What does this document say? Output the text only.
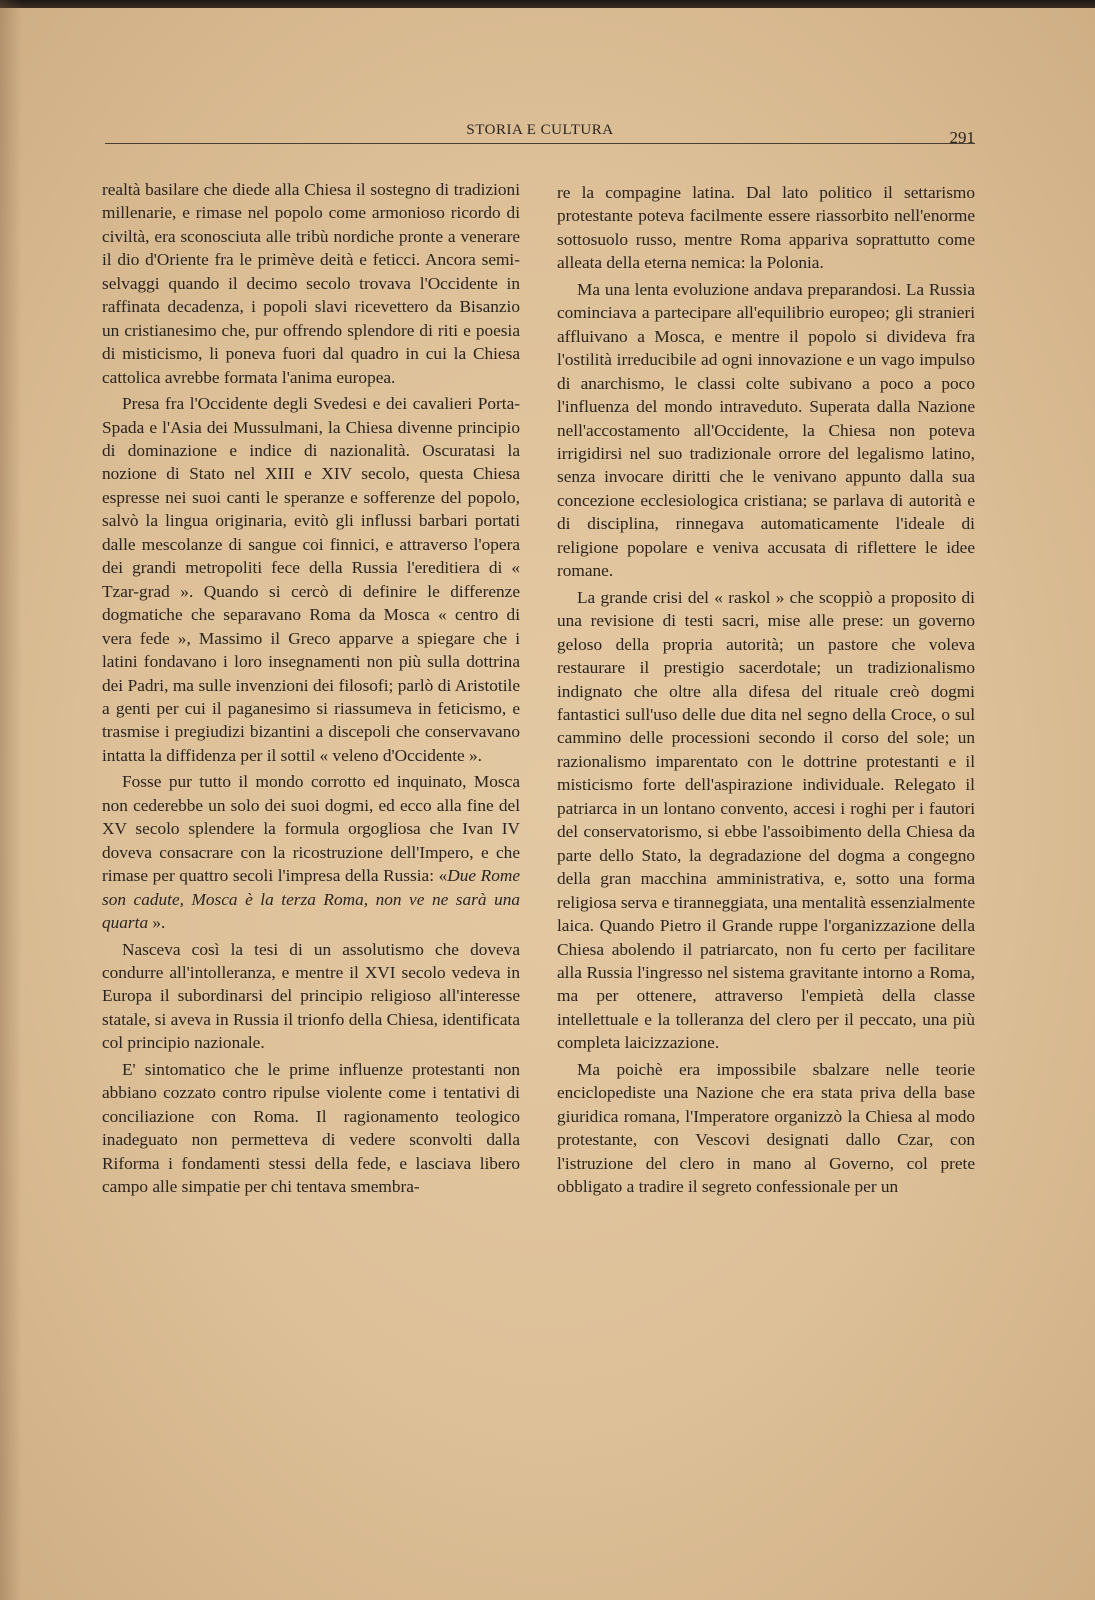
STORIA E CULTURA	291

realtà basilare che diede alla Chiesa il sostegno di tradizioni millenarie, e rimase nel popolo come armonioso ricordo di civiltà, era sconosciuta alle tribù nordiche pronte a venerare il dio d'Oriente fra le primève deità e feticci. Ancora semi-selvaggi quando il decimo secolo trovava l'Occidente in raffinata decadenza, i popoli slavi ricevettero da Bisanzio un cristianesimo che, pur offrendo splendore di riti e poesia di misticismo, li poneva fuori dal quadro in cui la Chiesa cattolica avrebbe formata l'anima europea.

Presa fra l'Occidente degli Svedesi e dei cavalieri Porta-Spada e l'Asia dei Mussulmani, la Chiesa divenne principio di dominazione e indice di nazionalità. Oscuratasi la nozione di Stato nel XIII e XIV secolo, questa Chiesa espresse nei suoi canti le speranze e sofferenze del popolo, salvò la lingua originaria, evitò gli influssi barbari portati dalle mescolanze di sangue coi finnici, e attraverso l'opera dei grandi metropoliti fece della Russia l'ereditiera di « Tzar-grad ». Quando si cercò di definire le differenze dogmatiche che separavano Roma da Mosca « centro di vera fede », Massimo il Greco apparve a spiegare che i latini fondavano i loro insegnamenti non più sulla dottrina dei Padri, ma sulle invenzioni dei filosofi; parlò di Aristotile a genti per cui il paganesimo si riassumeva in feticismo, e trasmise i pregiudizi bizantini a discepoli che conservavano intatta la diffidenza per il sottil « veleno d'Occidente ».

Fosse pur tutto il mondo corrotto ed inquinato, Mosca non cederebbe un solo dei suoi dogmi, ed ecco alla fine del XV secolo splendere la formula orgogliosa che Ivan IV doveva consacrare con la ricostruzione dell'Impero, e che rimase per quattro secoli l'impresa della Russia: «Due Rome son cadute, Mosca è la terza Roma, non ve ne sarà una quarta ».

Nasceva così la tesi di un assolutismo che doveva condurre all'intolleranza, e mentre il XVI secolo vedeva in Europa il subordinarsi del principio religioso all'interesse statale, si aveva in Russia il trionfo della Chiesa, identificata col principio nazionale.

E' sintomatico che le prime influenze protestanti non abbiano cozzato contro ripulse violente come i tentativi di conciliazione con Roma. Il ragionamento teologico inadeguato non permetteva di vedere sconvolti dalla Riforma i fondamenti stessi della fede, e lasciava libero campo alle simpatie per chi tentava smembra-

re la compagine latina. Dal lato politico il settarismo protestante poteva facilmente essere riassorbito nell'enorme sottosuolo russo, mentre Roma appariva soprattutto come alleata della eterna nemica: la Polonia.

Ma una lenta evoluzione andava preparandosi. La Russia cominciava a partecipare all'equilibrio europeo; gli stranieri affluivano a Mosca, e mentre il popolo si divideva fra l'ostilità irreducibile ad ogni innovazione e un vago impulso di anarchismo, le classi colte subivano a poco a poco l'influenza del mondo intraveduto. Superata dalla Nazione nell'accostamento all'Occidente, la Chiesa non poteva irrigidirsi nel suo tradizionale orrore del legalismo latino, senza invocare diritti che le venivano appunto dalla sua concezione ecclesiologica cristiana; se parlava di autorità e di disciplina, rinnegava automaticamente l'ideale di religione popolare e veniva accusata di riflettere le idee romane.

La grande crisi del « raskol » che scoppiò a proposito di una revisione di testi sacri, mise alle prese: un governo geloso della propria autorità; un pastore che voleva restaurare il prestigio sacerdotale; un tradizionalismo indignato che oltre alla difesa del rituale creò dogmi fantastici sull'uso delle due dita nel segno della Croce, o sul cammino delle processioni secondo il corso del sole; un razionalismo imparentato con le dottrine protestanti e il misticismo forte dell'aspirazione individuale. Relegato il patriarca in un lontano convento, accesi i roghi per i fautori del conservatorismo, si ebbe l'assoibimento della Chiesa da parte dello Stato, la degradazione del dogma a congegno della gran macchina amministrativa, e, sotto una forma religiosa serva e tiranneggiata, una mentalità essenzialmente laica. Quando Pietro il Grande ruppe l'organizzazione della Chiesa abolendo il patriarcato, non fu certo per facilitare alla Russia l'ingresso nel sistema gravitante intorno a Roma, ma per ottenere, attraverso l'empietà della classe intellettuale e la tolleranza del clero per il peccato, una più completa laicizzazione.

Ma poichè era impossibile sbalzare nelle teorie enciclopediste una Nazione che era stata priva della base giuridica romana, l'Imperatore organizzò la Chiesa al modo protestante, con Vescovi designati dallo Czar, con l'istruzione del clero in mano al Governo, col prete obbligato a tradire il segreto confessionale per un
